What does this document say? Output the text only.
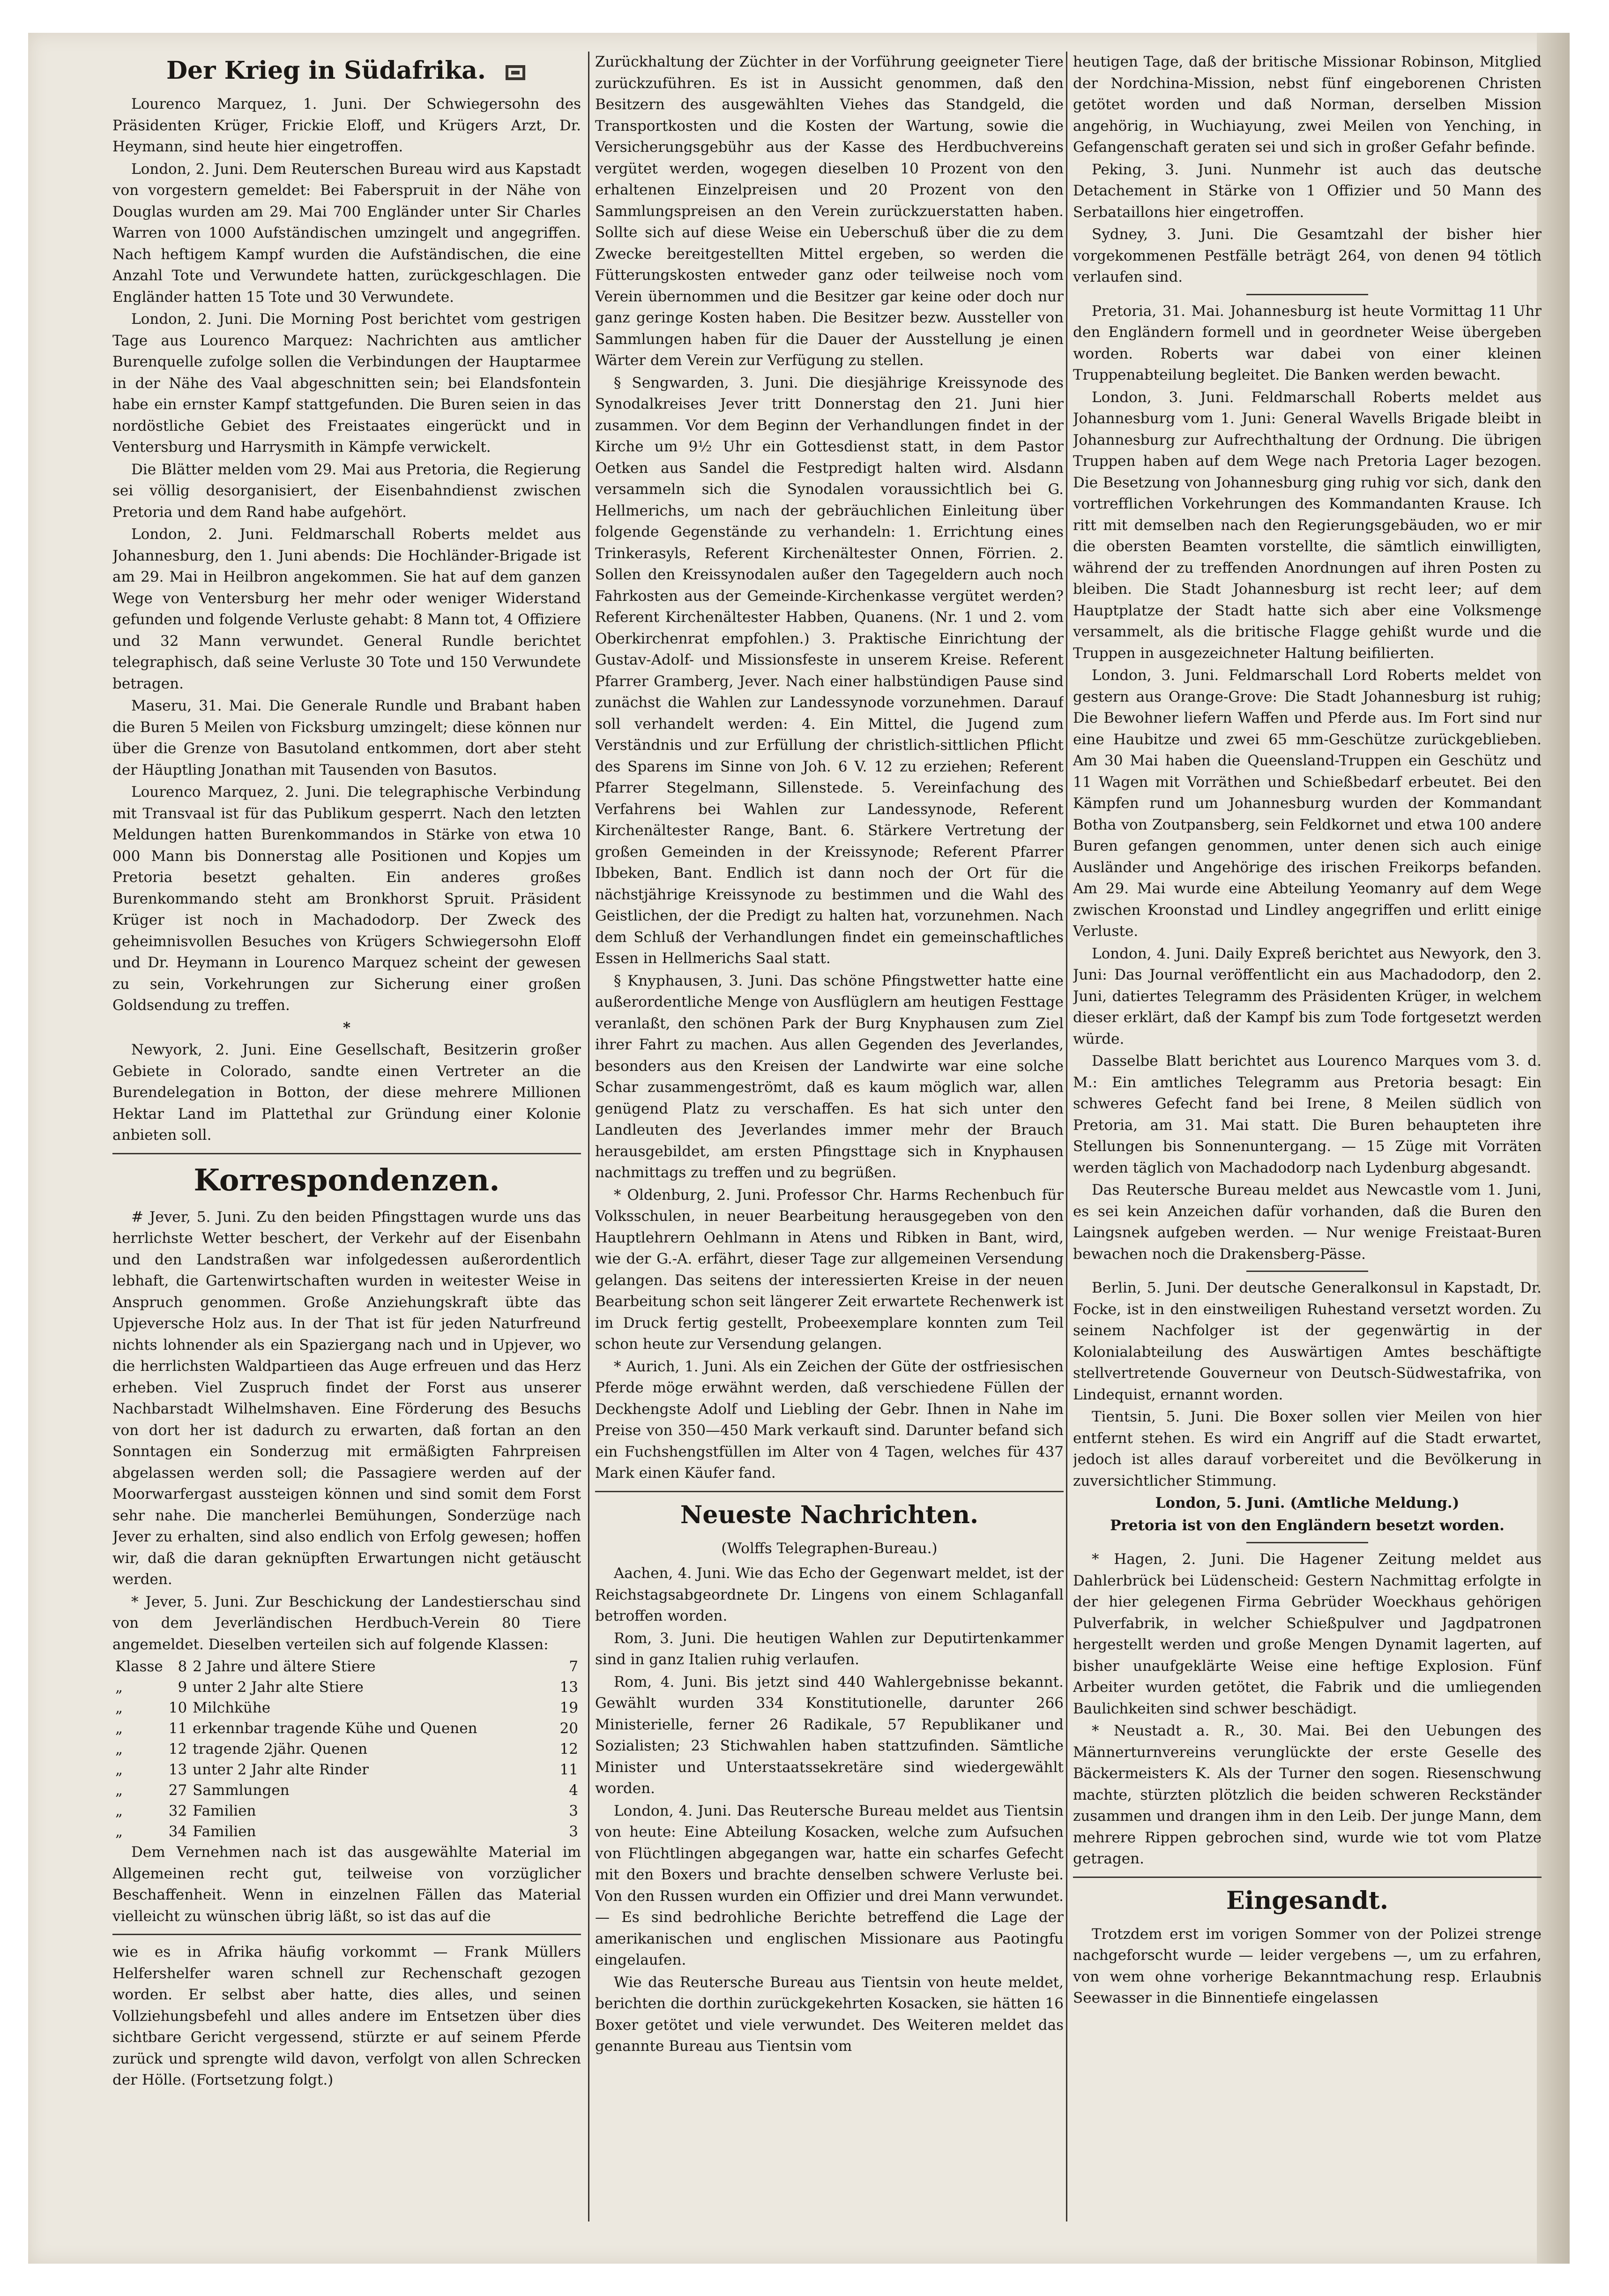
Der Krieg in Südafrika.

Lourenco Marquez, 1. Juni. Der Schwiegersohn des Präsidenten Krüger, Frickie Eloff, und Krügers Arzt, Dr. Heymann, sind heute hier eingetroffen.

London, 2. Juni. Dem Reuterschen Bureau wird aus Kapstadt von vorgestern gemeldet: Bei Faberspruit in der Nähe von Douglas wurden am 29. Mai 700 Engländer unter Sir Charles Warren von 1000 Aufständischen umzingelt und angegriffen. Nach heftigem Kampf wurden die Aufständischen, die eine Anzahl Tote und Verwundete hatten, zurückgeschlagen. Die Engländer hatten 15 Tote und 30 Verwundete.

London, 2. Juni. Die Morning Post berichtet vom gestrigen Tage aus Lourenco Marquez: Nachrichten aus amtlicher Burenquelle zufolge sollen die Verbindungen der Hauptarmee in der Nähe des Vaal abgeschnitten sein; bei Elandsfontein habe ein ernster Kampf stattgefunden. Die Buren seien in das nordöstliche Gebiet des Freistaates eingerückt und in Ventersburg und Harrysmith in Kämpfe verwickelt.

Die Blätter melden vom 29. Mai aus Pretoria, die Regierung sei völlig desorganisiert, der Eisenbahndienst zwischen Pretoria und dem Rand habe aufgehört.

London, 2. Juni. Feldmarschall Roberts meldet aus Johannesburg, den 1. Juni abends: Die Hochländer-Brigade ist am 29. Mai in Heilbron angekommen. Sie hat auf dem ganzen Wege von Ventersburg her mehr oder weniger Widerstand gefunden und folgende Verluste gehabt: 8 Mann tot, 4 Offiziere und 32 Mann verwundet. General Rundle berichtet telegraphisch, daß seine Verluste 30 Tote und 150 Verwundete betragen.

Maseru, 31. Mai. Die Generale Rundle und Brabant haben die Buren 5 Meilen von Ficksburg umzingelt; diese können nur über die Grenze von Basutoland entkommen, dort aber steht der Häuptling Jonathan mit Tausenden von Basutos.

Lourenco Marquez, 2. Juni. Die telegraphische Verbindung mit Transvaal ist für das Publikum gesperrt. Nach den letzten Meldungen hatten Burenkommandos in Stärke von etwa 10 000 Mann bis Donnerstag alle Positionen und Kopjes um Pretoria besetzt gehalten. Ein anderes großes Burenkommando steht am Bronkhorst Spruit. Präsident Krüger ist noch in Machadodorp. Der Zweck des geheimnisvollen Besuches von Krügers Schwiegersohn Eloff und Dr. Heymann in Lourenco Marquez scheint der gewesen zu sein, Vorkehrungen zur Sicherung einer großen Goldsendung zu treffen.

*

Newyork, 2. Juni. Eine Gesellschaft, Besitzerin großer Gebiete in Colorado, sandte einen Vertreter an die Burendelegation in Botton, der diese mehrere Millionen Hektar Land im Plattethal zur Gründung einer Kolonie anbieten soll.

Korrespondenzen.

# Jever, 5. Juni. Zu den beiden Pfingsttagen wurde uns das herrlichste Wetter beschert, der Verkehr auf der Eisenbahn und den Landstraßen war infolgedessen außerordentlich lebhaft, die Gartenwirtschaften wurden in weitester Weise in Anspruch genommen. Große Anziehungskraft übte das Upjeversche Holz aus. In der That ist für jeden Naturfreund nichts lohnender als ein Spaziergang nach und in Upjever, wo die herrlichsten Waldpartieen das Auge erfreuen und das Herz erheben. Viel Zuspruch findet der Forst aus unserer Nachbarstadt Wilhelmshaven. Eine Förderung des Besuchs von dort her ist dadurch zu erwarten, daß fortan an den Sonntagen ein Sonderzug mit ermäßigten Fahrpreisen abgelassen werden soll; die Passagiere werden auf der Moorwarfergast aussteigen können und sind somit dem Forst sehr nahe. Die mancherlei Bemühungen, Sonderzüge nach Jever zu erhalten, sind also endlich von Erfolg gewesen; hoffen wir, daß die daran geknüpften Erwartungen nicht getäuscht werden.

* Jever, 5. Juni. Zur Beschickung der Landestierschau sind von dem Jeverländischen Herdbuch-Verein 80 Tiere angemeldet. Dieselben verteilen sich auf folgende Klassen:

Klasse	8	2 Jahre und ältere Stiere	7
„	9	unter 2 Jahr alte Stiere	13
„	10	Milchkühe	19
„	11	erkennbar tragende Kühe und Quenen	20
„	12	tragende 2jähr. Quenen	12
„	13	unter 2 Jahr alte Rinder	11
„	27	Sammlungen	4
„	32	Familien	3
„	34	Familien	3

Dem Vernehmen nach ist das ausgewählte Material im Allgemeinen recht gut, teilweise von vorzüglicher Beschaffenheit. Wenn in einzelnen Fällen das Material vielleicht zu wünschen übrig läßt, so ist das auf die

wie es in Afrika häufig vorkommt — Frank Müllers Helfershelfer waren schnell zur Rechenschaft gezogen worden. Er selbst aber hatte, dies alles, und seinen Vollziehungsbefehl und alles andere im Entsetzen über dies sichtbare Gericht vergessend, stürzte er auf seinem Pferde zurück und sprengte wild davon, verfolgt von allen Schrecken der Hölle. (Fortsetzung folgt.)

Zurückhaltung der Züchter in der Vorführung geeigneter Tiere zurückzuführen. Es ist in Aussicht genommen, daß den Besitzern des ausgewählten Viehes das Standgeld, die Transportkosten und die Kosten der Wartung, sowie die Versicherungsgebühr aus der Kasse des Herdbuchvereins vergütet werden, wogegen dieselben 10 Prozent von den erhaltenen Einzelpreisen und 20 Prozent von den Sammlungspreisen an den Verein zurückzuerstatten haben. Sollte sich auf diese Weise ein Ueberschuß über die zu dem Zwecke bereitgestellten Mittel ergeben, so werden die Fütterungskosten entweder ganz oder teilweise noch vom Verein übernommen und die Besitzer gar keine oder doch nur ganz geringe Kosten haben. Die Besitzer bezw. Aussteller von Sammlungen haben für die Dauer der Ausstellung je einen Wärter dem Verein zur Verfügung zu stellen.

§ Sengwarden, 3. Juni. Die diesjährige Kreissynode des Synodalkreises Jever tritt Donnerstag den 21. Juni hier zusammen. Vor dem Beginn der Verhandlungen findet in der Kirche um 9½ Uhr ein Gottesdienst statt, in dem Pastor Oetken aus Sandel die Festpredigt halten wird. Alsdann versammeln sich die Synodalen voraussichtlich bei G. Hellmerichs, um nach der gebräuchlichen Einleitung über folgende Gegenstände zu verhandeln: 1. Errichtung eines Trinkerasyls, Referent Kirchenältester Onnen, Förrien. 2. Sollen den Kreissynodalen außer den Tagegeldern auch noch Fahrkosten aus der Gemeinde-Kirchenkasse vergütet werden? Referent Kirchenältester Habben, Quanens. (Nr. 1 und 2. vom Oberkirchenrat empfohlen.) 3. Praktische Einrichtung der Gustav-Adolf- und Missionsfeste in unserem Kreise. Referent Pfarrer Gramberg, Jever. Nach einer halbstündigen Pause sind zunächst die Wahlen zur Landessynode vorzunehmen. Darauf soll verhandelt werden: 4. Ein Mittel, die Jugend zum Verständnis und zur Erfüllung der christlich-sittlichen Pflicht des Sparens im Sinne von Joh. 6 V. 12 zu erziehen; Referent Pfarrer Stegelmann, Sillenstede. 5. Vereinfachung des Verfahrens bei Wahlen zur Landessynode, Referent Kirchenältester Range, Bant. 6. Stärkere Vertretung der großen Gemeinden in der Kreissynode; Referent Pfarrer Ibbeken, Bant. Endlich ist dann noch der Ort für die nächstjährige Kreissynode zu bestimmen und die Wahl des Geistlichen, der die Predigt zu halten hat, vorzunehmen. Nach dem Schluß der Verhandlungen findet ein gemeinschaftliches Essen in Hellmerichs Saal statt.

§ Knyphausen, 3. Juni. Das schöne Pfingstwetter hatte eine außerordentliche Menge von Ausflüglern am heutigen Festtage veranlaßt, den schönen Park der Burg Knyphausen zum Ziel ihrer Fahrt zu machen. Aus allen Gegenden des Jeverlandes, besonders aus den Kreisen der Landwirte war eine solche Schar zusammengeströmt, daß es kaum möglich war, allen genügend Platz zu verschaffen. Es hat sich unter den Landleuten des Jeverlandes immer mehr der Brauch herausgebildet, am ersten Pfingsttage sich in Knyphausen nachmittags zu treffen und zu begrüßen.

* Oldenburg, 2. Juni. Professor Chr. Harms Rechenbuch für Volksschulen, in neuer Bearbeitung herausgegeben von den Hauptlehrern Oehlmann in Atens und Ribken in Bant, wird, wie der G.-A. erfährt, dieser Tage zur allgemeinen Versendung gelangen. Das seitens der interessierten Kreise in der neuen Bearbeitung schon seit längerer Zeit erwartete Rechenwerk ist im Druck fertig gestellt, Probeexemplare konnten zum Teil schon heute zur Versendung gelangen.

* Aurich, 1. Juni. Als ein Zeichen der Güte der ostfriesischen Pferde möge erwähnt werden, daß verschiedene Füllen der Deckhengste Adolf und Liebling der Gebr. Ihnen in Nahe im Preise von 350—450 Mark verkauft sind. Darunter befand sich ein Fuchshengstfüllen im Alter von 4 Tagen, welches für 437 Mark einen Käufer fand.

Neueste Nachrichten.
(Wolffs Telegraphen-Bureau.)

Aachen, 4. Juni. Wie das Echo der Gegenwart meldet, ist der Reichstagsabgeordnete Dr. Lingens von einem Schlaganfall betroffen worden.

Rom, 3. Juni. Die heutigen Wahlen zur Deputirtenkammer sind in ganz Italien ruhig verlaufen.

Rom, 4. Juni. Bis jetzt sind 440 Wahlergebnisse bekannt. Gewählt wurden 334 Konstitutionelle, darunter 266 Ministerielle, ferner 26 Radikale, 57 Republikaner und Sozialisten; 23 Stichwahlen haben stattzufinden. Sämtliche Minister und Unterstaatssekretäre sind wiedergewählt worden.

London, 4. Juni. Das Reutersche Bureau meldet aus Tientsin von heute: Eine Abteilung Kosacken, welche zum Aufsuchen von Flüchtlingen abgegangen war, hatte ein scharfes Gefecht mit den Boxers und brachte denselben schwere Verluste bei. Von den Russen wurden ein Offizier und drei Mann verwundet. — Es sind bedrohliche Berichte betreffend die Lage der amerikanischen und englischen Missionare aus Paotingfu eingelaufen.

Wie das Reutersche Bureau aus Tientsin von heute meldet, berichten die dorthin zurückgekehrten Kosacken, sie hätten 16 Boxer getötet und viele verwundet. Des Weiteren meldet das genannte Bureau aus Tientsin vom

heutigen Tage, daß der britische Missionar Robinson, Mitglied der Nordchina-Mission, nebst fünf eingeborenen Christen getötet worden und daß Norman, derselben Mission angehörig, in Wuchiayung, zwei Meilen von Yenching, in Gefangenschaft geraten sei und sich in großer Gefahr befinde.

Peking, 3. Juni. Nunmehr ist auch das deutsche Detachement in Stärke von 1 Offizier und 50 Mann des Serbataillons hier eingetroffen.

Sydney, 3. Juni. Die Gesamtzahl der bisher hier vorgekommenen Pestfälle beträgt 264, von denen 94 tötlich verlaufen sind.

Pretoria, 31. Mai. Johannesburg ist heute Vormittag 11 Uhr den Engländern formell und in geordneter Weise übergeben worden. Roberts war dabei von einer kleinen Truppenabteilung begleitet. Die Banken werden bewacht.

London, 3. Juni. Feldmarschall Roberts meldet aus Johannesburg vom 1. Juni: General Wavells Brigade bleibt in Johannesburg zur Aufrechthaltung der Ordnung. Die übrigen Truppen haben auf dem Wege nach Pretoria Lager bezogen. Die Besetzung von Johannesburg ging ruhig vor sich, dank den vortrefflichen Vorkehrungen des Kommandanten Krause. Ich ritt mit demselben nach den Regierungsgebäuden, wo er mir die obersten Beamten vorstellte, die sämtlich einwilligten, während der zu treffenden Anordnungen auf ihren Posten zu bleiben. Die Stadt Johannesburg ist recht leer; auf dem Hauptplatze der Stadt hatte sich aber eine Volksmenge versammelt, als die britische Flagge gehißt wurde und die Truppen in ausgezeichneter Haltung beifilierten.

London, 3. Juni. Feldmarschall Lord Roberts meldet von gestern aus Orange-Grove: Die Stadt Johannesburg ist ruhig; Die Bewohner liefern Waffen und Pferde aus. Im Fort sind nur eine Haubitze und zwei 65 mm-Geschütze zurückgeblieben. Am 30 Mai haben die Queensland-Truppen ein Geschütz und 11 Wagen mit Vorräthen und Schießbedarf erbeutet. Bei den Kämpfen rund um Johannesburg wurden der Kommandant Botha von Zoutpansberg, sein Feldkornet und etwa 100 andere Buren gefangen genommen, unter denen sich auch einige Ausländer und Angehörige des irischen Freikorps befanden. Am 29. Mai wurde eine Abteilung Yeomanry auf dem Wege zwischen Kroonstad und Lindley angegriffen und erlitt einige Verluste.

London, 4. Juni. Daily Expreß berichtet aus Newyork, den 3. Juni: Das Journal veröffentlicht ein aus Machadodorp, den 2. Juni, datiertes Telegramm des Präsidenten Krüger, in welchem dieser erklärt, daß der Kampf bis zum Tode fortgesetzt werden würde.

Dasselbe Blatt berichtet aus Lourenco Marques vom 3. d. M.: Ein amtliches Telegramm aus Pretoria besagt: Ein schweres Gefecht fand bei Irene, 8 Meilen südlich von Pretoria, am 31. Mai statt. Die Buren behaupteten ihre Stellungen bis Sonnenuntergang. — 15 Züge mit Vorräten werden täglich von Machadodorp nach Lydenburg abgesandt.

Das Reutersche Bureau meldet aus Newcastle vom 1. Juni, es sei kein Anzeichen dafür vorhanden, daß die Buren den Laingsnek aufgeben werden. — Nur wenige Freistaat-Buren bewachen noch die Drakensberg-Pässe.

Berlin, 5. Juni. Der deutsche Generalkonsul in Kapstadt, Dr. Focke, ist in den einstweiligen Ruhestand versetzt worden. Zu seinem Nachfolger ist der gegenwärtig in der Kolonialabteilung des Auswärtigen Amtes beschäftigte stellvertretende Gouverneur von Deutsch-Südwestafrika, von Lindequist, ernannt worden.

Tientsin, 5. Juni. Die Boxer sollen vier Meilen von hier entfernt stehen. Es wird ein Angriff auf die Stadt erwartet, jedoch ist alles darauf vorbereitet und die Bevölkerung in zuversichtlicher Stimmung.

London, 5. Juni. (Amtliche Meldung.)

Pretoria ist von den Engländern besetzt worden.

* Hagen, 2. Juni. Die Hagener Zeitung meldet aus Dahlerbrück bei Lüdenscheid: Gestern Nachmittag erfolgte in der hier gelegenen Firma Gebrüder Woeckhaus gehörigen Pulverfabrik, in welcher Schießpulver und Jagdpatronen hergestellt werden und große Mengen Dynamit lagerten, auf bisher unaufgeklärte Weise eine heftige Explosion. Fünf Arbeiter wurden getötet, die Fabrik und die umliegenden Baulichkeiten sind schwer beschädigt.

* Neustadt a. R., 30. Mai. Bei den Uebungen des Männerturnvereins verunglückte der erste Geselle des Bäckermeisters K. Als der Turner den sogen. Riesenschwung machte, stürzten plötzlich die beiden schweren Reckständer zusammen und drangen ihm in den Leib. Der junge Mann, dem mehrere Rippen gebrochen sind, wurde wie tot vom Platze getragen.

Eingesandt.

Trotzdem erst im vorigen Sommer von der Polizei strenge nachgeforscht wurde — leider vergebens —, um zu erfahren, von wem ohne vorherige Bekanntmachung resp. Erlaubnis Seewasser in die Binnentiefe eingelassen
